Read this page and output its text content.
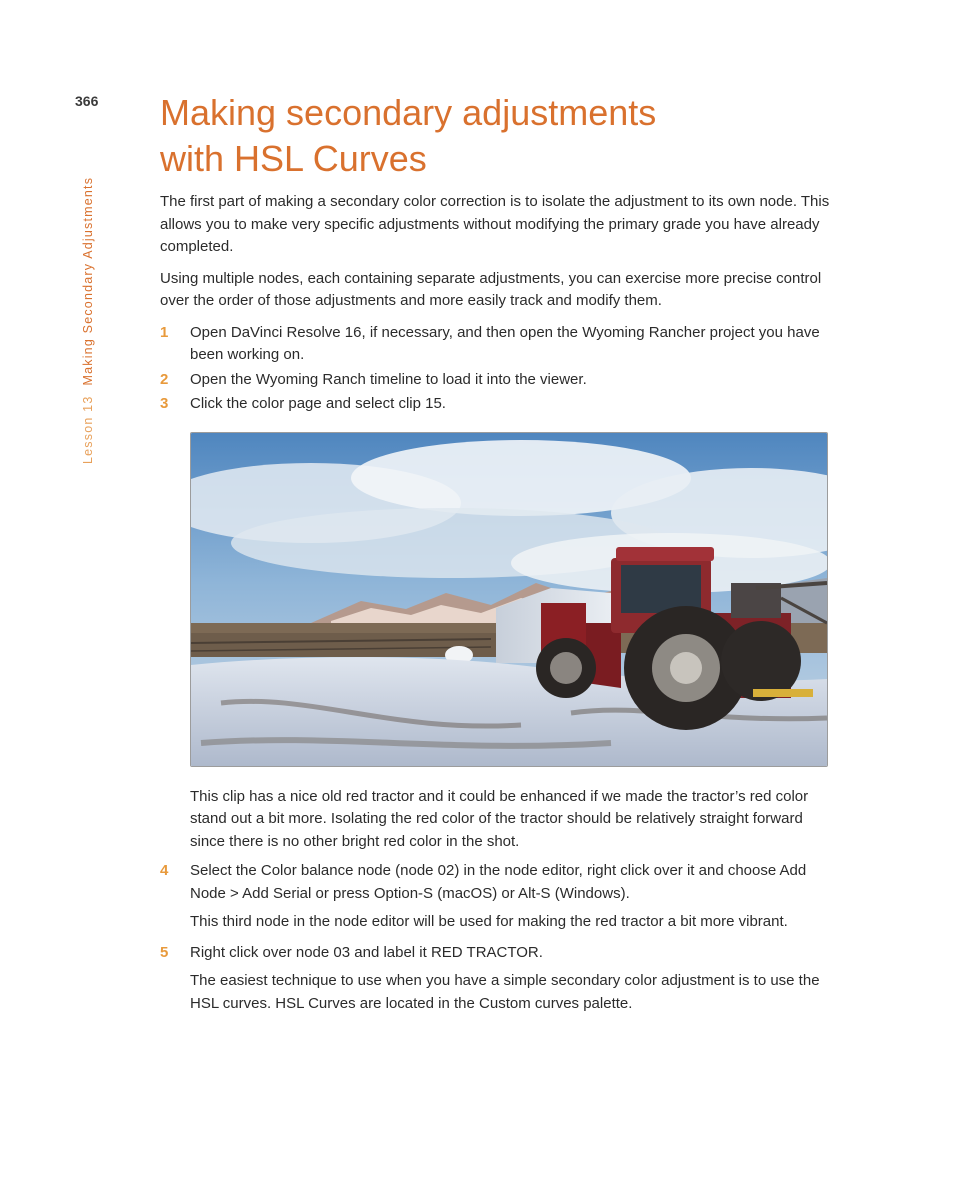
366
Lesson 13Making Secondary Adjustments
Making secondary adjustments
with HSL Curves

The first part of making a secondary color correction is to isolate the adjustment to its own node. This allows you to make very specific adjustments without modifying the primary grade you have already completed.

Using multiple nodes, each containing separate adjustments, you can exercise more precise control over the order of those adjustments and more easily track and modify them.

1 Open DaVinci Resolve 16, if necessary, and then open the Wyoming Rancher project you have been working on.

2 Open the Wyoming Ranch timeline to load it into the viewer.

3 Click the color page and select clip 15.

This clip has a nice old red tractor and it could be enhanced if we made the tractor’s red color stand out a bit more. Isolating the red color of the tractor should be relatively straight forward since there is no other bright red color in the shot.

4 Select the Color balance node (node 02) in the node editor, right click over it and choose Add Node > Add Serial or press Option-S (macOS) or Alt-S (Windows).

This third node in the node editor will be used for making the red tractor a bit more vibrant.

5 Right click over node 03 and label it RED TRACTOR.

The easiest technique to use when you have a simple secondary color adjustment is to use the HSL curves. HSL Curves are located in the Custom curves palette.
